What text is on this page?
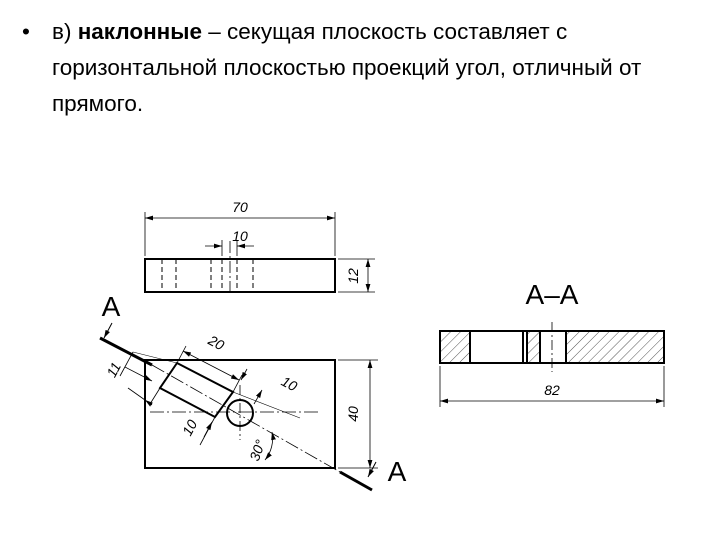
• в) наклонные – секущая плоскость составляет с горизонтальной плоскостью проекций угол, отличный от прямого.
70
10
12
А
А
20
11
10
10
40
30°
А–А
82
